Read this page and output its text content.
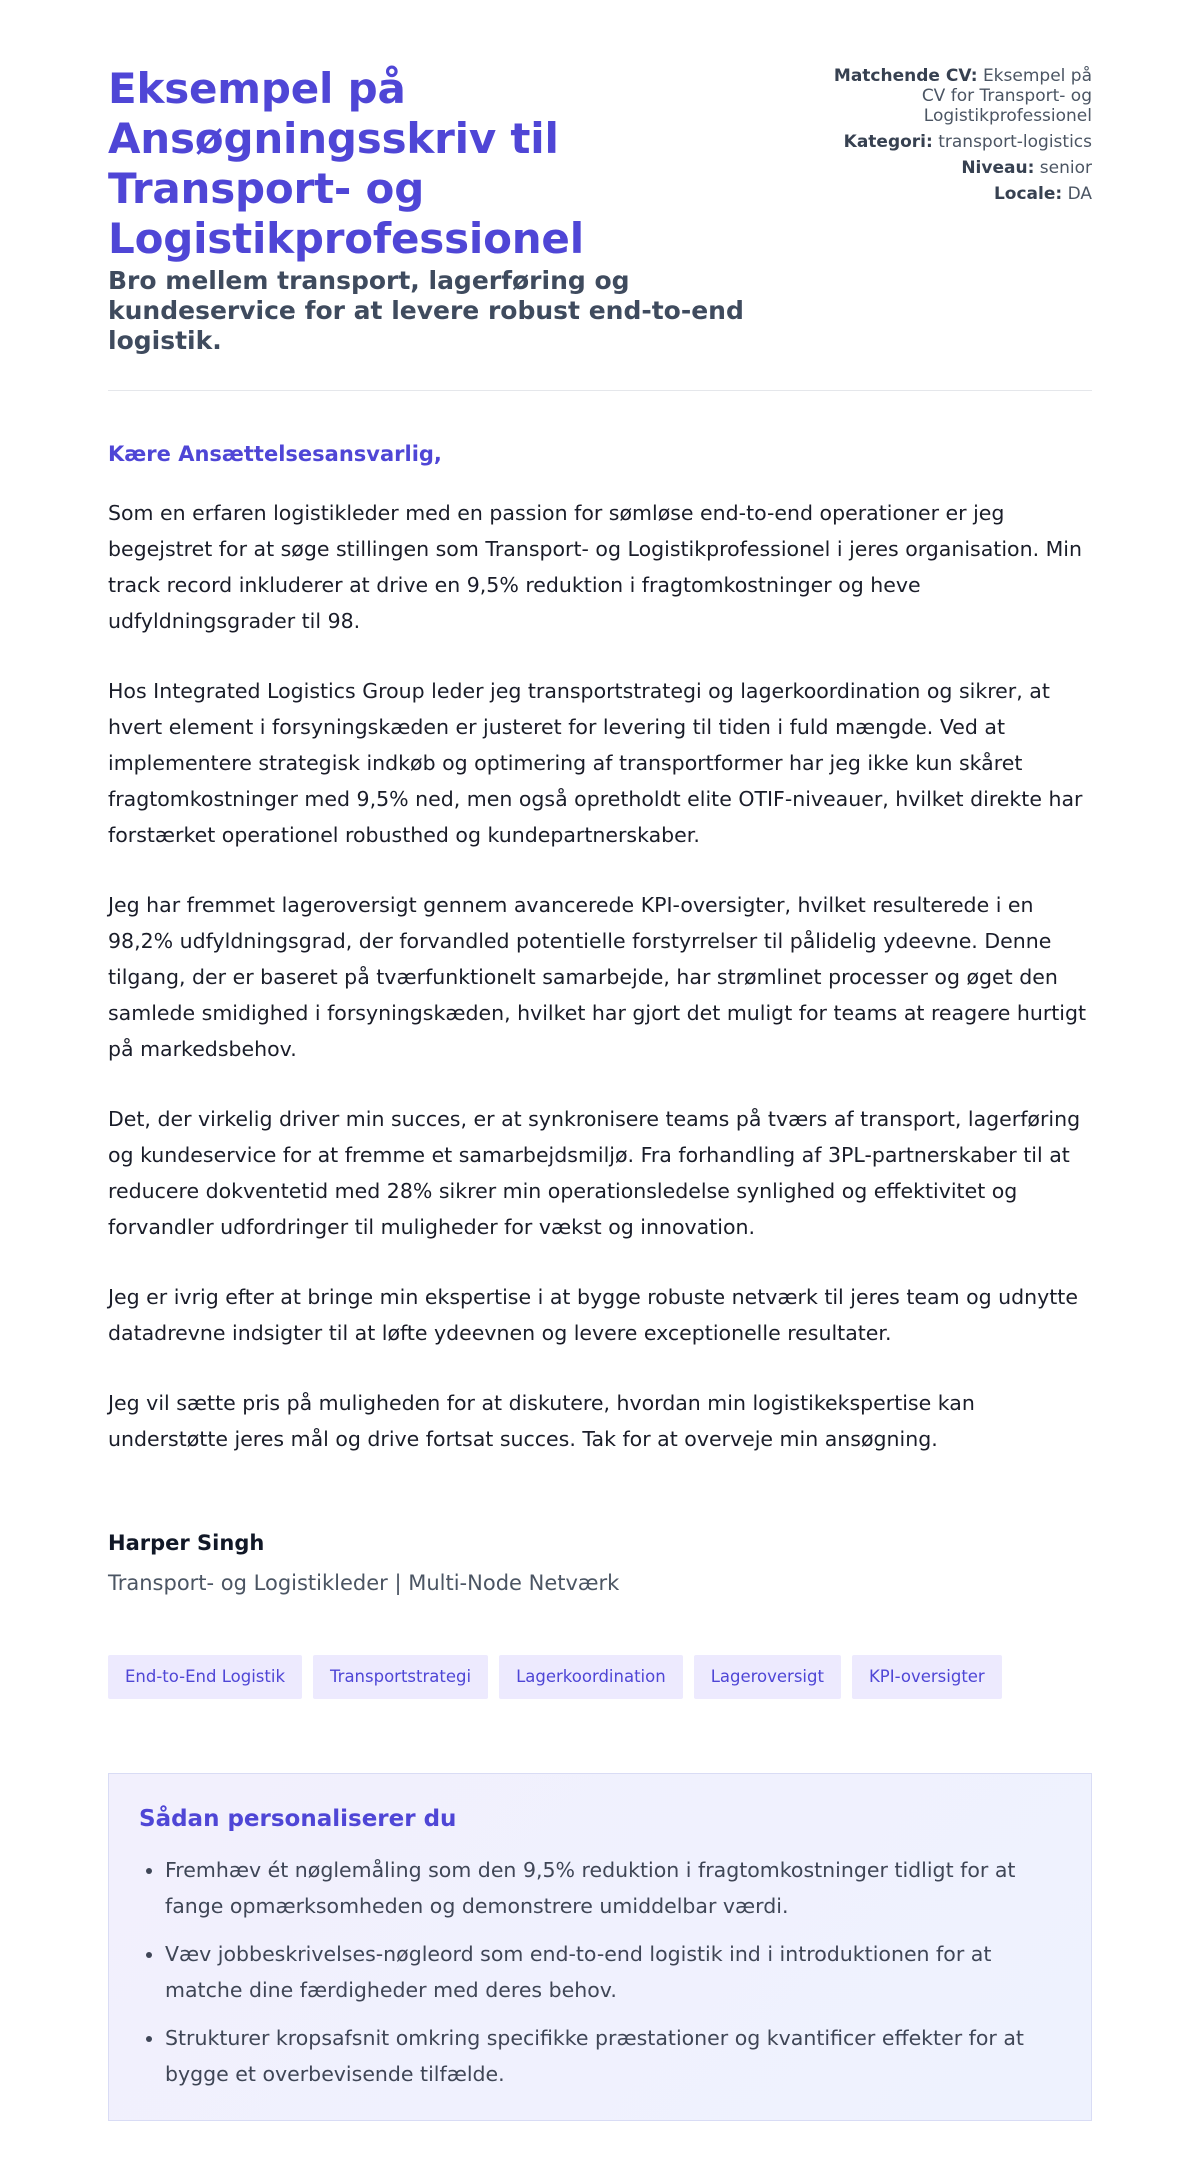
Eksempel på Ansøgningsskriv til Transport- og Logistikprofessionel
Bro mellem transport, lagerføring og kundeservice for at levere robust end-to-end logistik.
Matchende CV: Eksempel på CV for Transport- og Logistikprofessionel
Kategori: transport-logistics
Niveau: senior
Locale: DA

Kære Ansættelsesansvarlig,

Som en erfaren logistikleder med en passion for sømløse end-to-end operationer er jeg begejstret for at søge stillingen som Transport- og Logistikprofessionel i jeres organisation. Min track record inkluderer at drive en 9,5% reduktion i fragtomkostninger og heve udfyldningsgrader til 98.

Hos Integrated Logistics Group leder jeg transportstrategi og lagerkoordination og sikrer, at hvert element i forsyningskæden er justeret for levering til tiden i fuld mængde. Ved at implementere strategisk indkøb og optimering af transportformer har jeg ikke kun skåret fragtomkostninger med 9,5% ned, men også opretholdt elite OTIF-niveauer, hvilket direkte har forstærket operationel robusthed og kundepartnerskaber.

Jeg har fremmet lageroversigt gennem avancerede KPI-oversigter, hvilket resulterede i en 98,2% udfyldningsgrad, der forvandled potentielle forstyrrelser til pålidelig ydeevne. Denne tilgang, der er baseret på tværfunktionelt samarbejde, har strømlinet processer og øget den samlede smidighed i forsyningskæden, hvilket har gjort det muligt for teams at reagere hurtigt på markedsbehov.

Det, der virkelig driver min succes, er at synkronisere teams på tværs af transport, lagerføring og kundeservice for at fremme et samarbejdsmiljø. Fra forhandling af 3PL-partnerskaber til at reducere dokventetid med 28% sikrer min operationsledelse synlighed og effektivitet og forvandler udfordringer til muligheder for vækst og innovation.

Jeg er ivrig efter at bringe min ekspertise i at bygge robuste netværk til jeres team og udnytte datadrevne indsigter til at løfte ydeevnen og levere exceptionelle resultater.

Jeg vil sætte pris på muligheden for at diskutere, hvordan min logistikekspertise kan understøtte jeres mål og drive fortsat succes. Tak for at overveje min ansøgning.

Harper Singh

Transport- og Logistikleder | Multi-Node Netværk

End-to-End Logistik	Transportstrategi	Lagerkoordination	Lageroversigt	KPI-oversigter
Sådan personaliserer du
• Fremhæv ét nøglemåling som den 9,5% reduktion i fragtomkostninger tidligt for at fange opmærksomheden og demonstrere umiddelbar værdi.
• Væv jobbeskrivelses-nøgleord som end-to-end logistik ind i introduktionen for at matche dine færdigheder med deres behov.
• Strukturer kropsafsnit omkring specifikke præstationer og kvantificer effekter for at bygge et overbevisende tilfælde.
